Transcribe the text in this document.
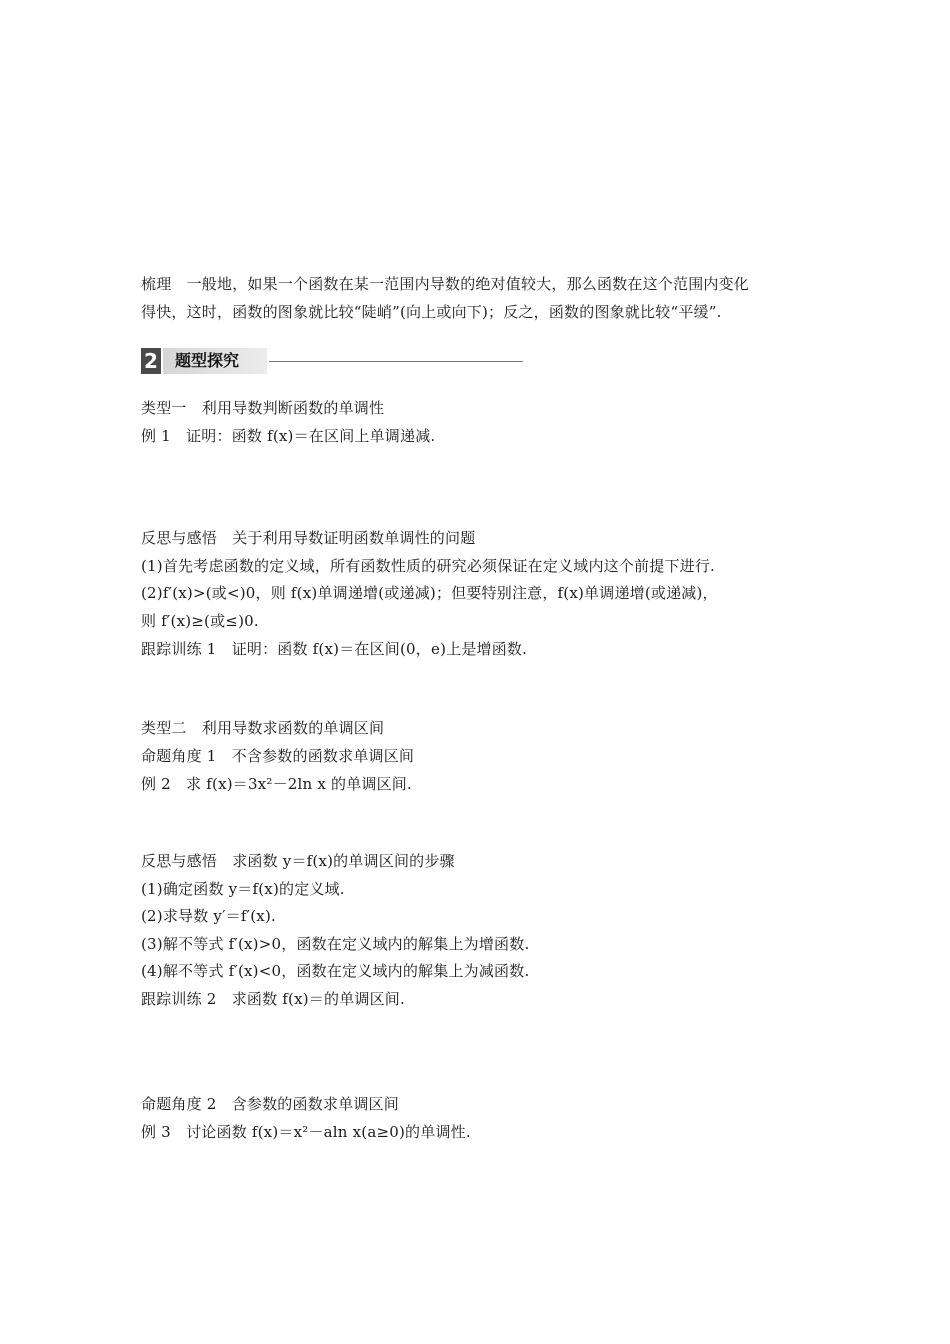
梳理　一般地，如果一个函数在某一范围内导数的绝对值较大，那么函数在这个范围内变化
得快，这时，函数的图象就比较“陡峭”(向上或向下)；反之，函数的图象就比较“平缓”.
2	题型探究
类型一　利用导数判断函数的单调性
例 1　证明：函数 f(x)＝在区间上单调递减.
反思与感悟　关于利用导数证明函数单调性的问题
(1)首先考虑函数的定义域，所有函数性质的研究必须保证在定义域内这个前提下进行.
(2)f′(x)>(或<)0，则 f(x)单调递增(或递减)；但要特别注意，f(x)单调递增(或递减)，
则 f′(x)≥(或≤)0.
跟踪训练 1　证明：函数 f(x)＝在区间(0，e)上是增函数.
类型二　利用导数求函数的单调区间
命题角度 1　不含参数的函数求单调区间
例 2　求 f(x)＝3x²－2ln x 的单调区间.
反思与感悟　求函数 y＝f(x)的单调区间的步骤
(1)确定函数 y＝f(x)的定义域.
(2)求导数 y′＝f′(x).
(3)解不等式 f′(x)>0，函数在定义域内的解集上为增函数.
(4)解不等式 f′(x)<0，函数在定义域内的解集上为减函数.
跟踪训练 2　求函数 f(x)＝的单调区间.
命题角度 2　含参数的函数求单调区间
例 3　讨论函数 f(x)＝x²－aln x(a≥0)的单调性.
